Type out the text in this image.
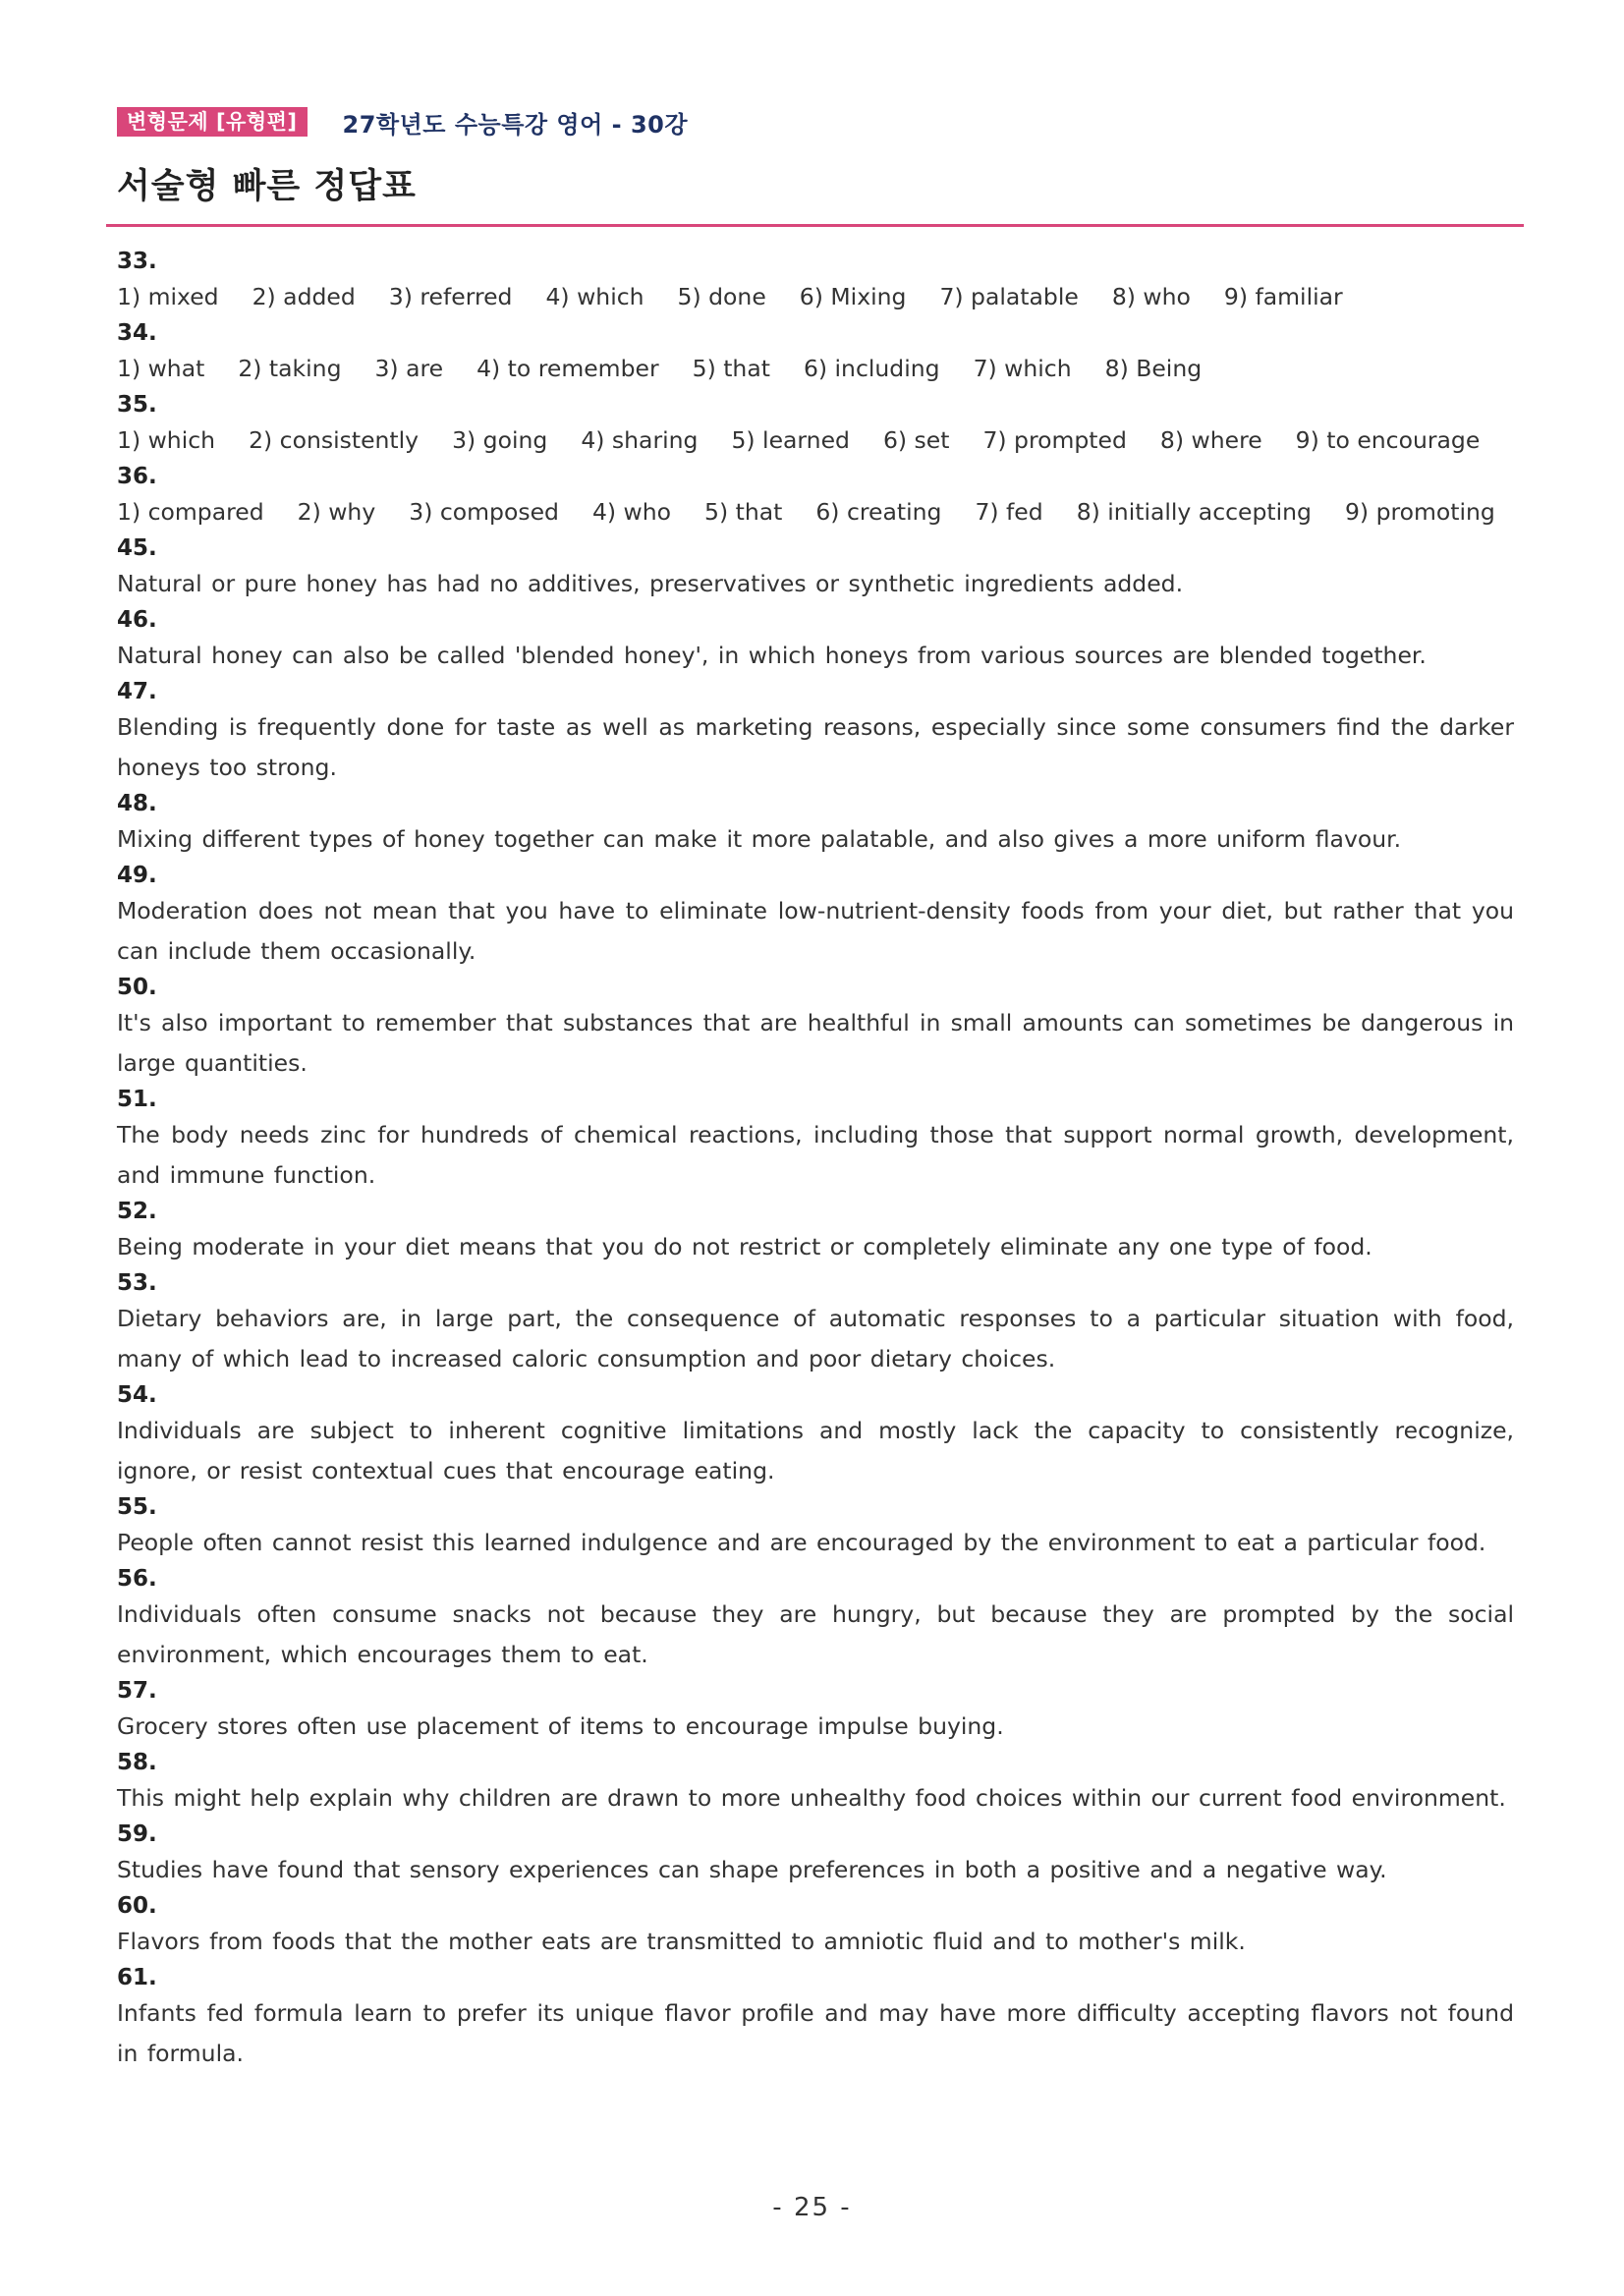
변형문제 [유형편]	27학년도 수능특강 영어 - 30강
서술형 빠른 정답표
33.
1) mixed 2) added 3) referred 4) which 5) done 6) Mixing 7) palatable 8) who 9) familiar
34.
1) what 2) taking 3) are 4) to remember 5) that 6) including 7) which 8) Being
35.
1) which 2) consistently 3) going 4) sharing 5) learned 6) set 7) prompted 8) where 9) to encourage
36.
1) compared 2) why 3) composed 4) who 5) that 6) creating 7) fed 8) initially accepting 9) promoting
45.
Natural or pure honey has had no additives, preservatives or synthetic ingredients added.
46.
Natural honey can also be called 'blended honey', in which honeys from various sources are blended together.
47.
Blending is frequently done for taste as well as marketing reasons, especially since some consumers find the darker honeys too strong.
48.
Mixing different types of honey together can make it more palatable, and also gives a more uniform flavour.
49.
Moderation does not mean that you have to eliminate low-nutrient-density foods from your diet, but rather that you can include them occasionally.
50.
It's also important to remember that substances that are healthful in small amounts can sometimes be dangerous in large quantities.
51.
The body needs zinc for hundreds of chemical reactions, including those that support normal growth, development, and immune function.
52.
Being moderate in your diet means that you do not restrict or completely eliminate any one type of food.
53.
Dietary behaviors are, in large part, the consequence of automatic responses to a particular situation with food, many of which lead to increased caloric consumption and poor dietary choices.
54.
Individuals are subject to inherent cognitive limitations and mostly lack the capacity to consistently recognize, ignore, or resist contextual cues that encourage eating.
55.
People often cannot resist this learned indulgence and are encouraged by the environment to eat a particular food.
56.
Individuals often consume snacks not because they are hungry, but because they are prompted by the social environment, which encourages them to eat.
57.
Grocery stores often use placement of items to encourage impulse buying.
58.
This might help explain why children are drawn to more unhealthy food choices within our current food environment.
59.
Studies have found that sensory experiences can shape preferences in both a positive and a negative way.
60.
Flavors from foods that the mother eats are transmitted to amniotic fluid and to mother's milk.
61.
Infants fed formula learn to prefer its unique flavor profile and may have more difficulty accepting flavors not found in formula.
- 25 -
